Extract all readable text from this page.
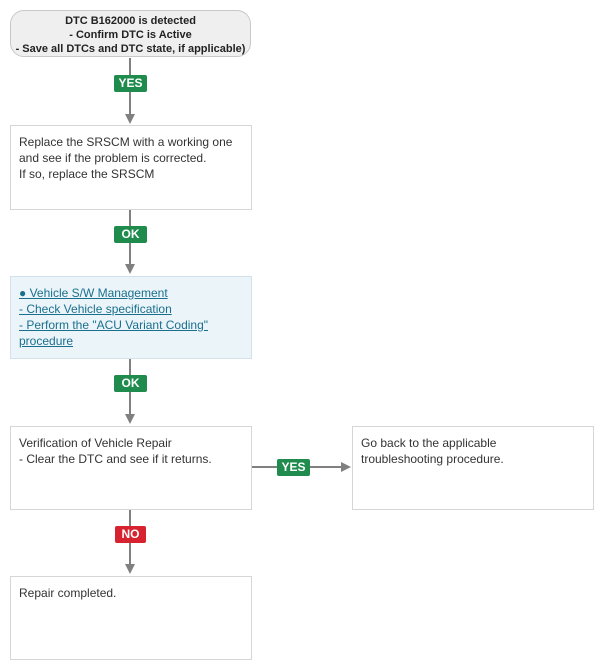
DTC B162000 is detected
- Confirm DTC is Active
- Save all DTCs and DTC state, if applicable)
YES
Replace the SRSCM with a working one
and see if the problem is corrected.
If so, replace the SRSCM
OK
● Vehicle S/W Management
- Check Vehicle specification
- Perform the "ACU Variant Coding"
procedure
OK
Verification of Vehicle Repair
- Clear the DTC and see if it returns.
YES
Go back to the applicable
troubleshooting procedure.
NO
Repair completed.
